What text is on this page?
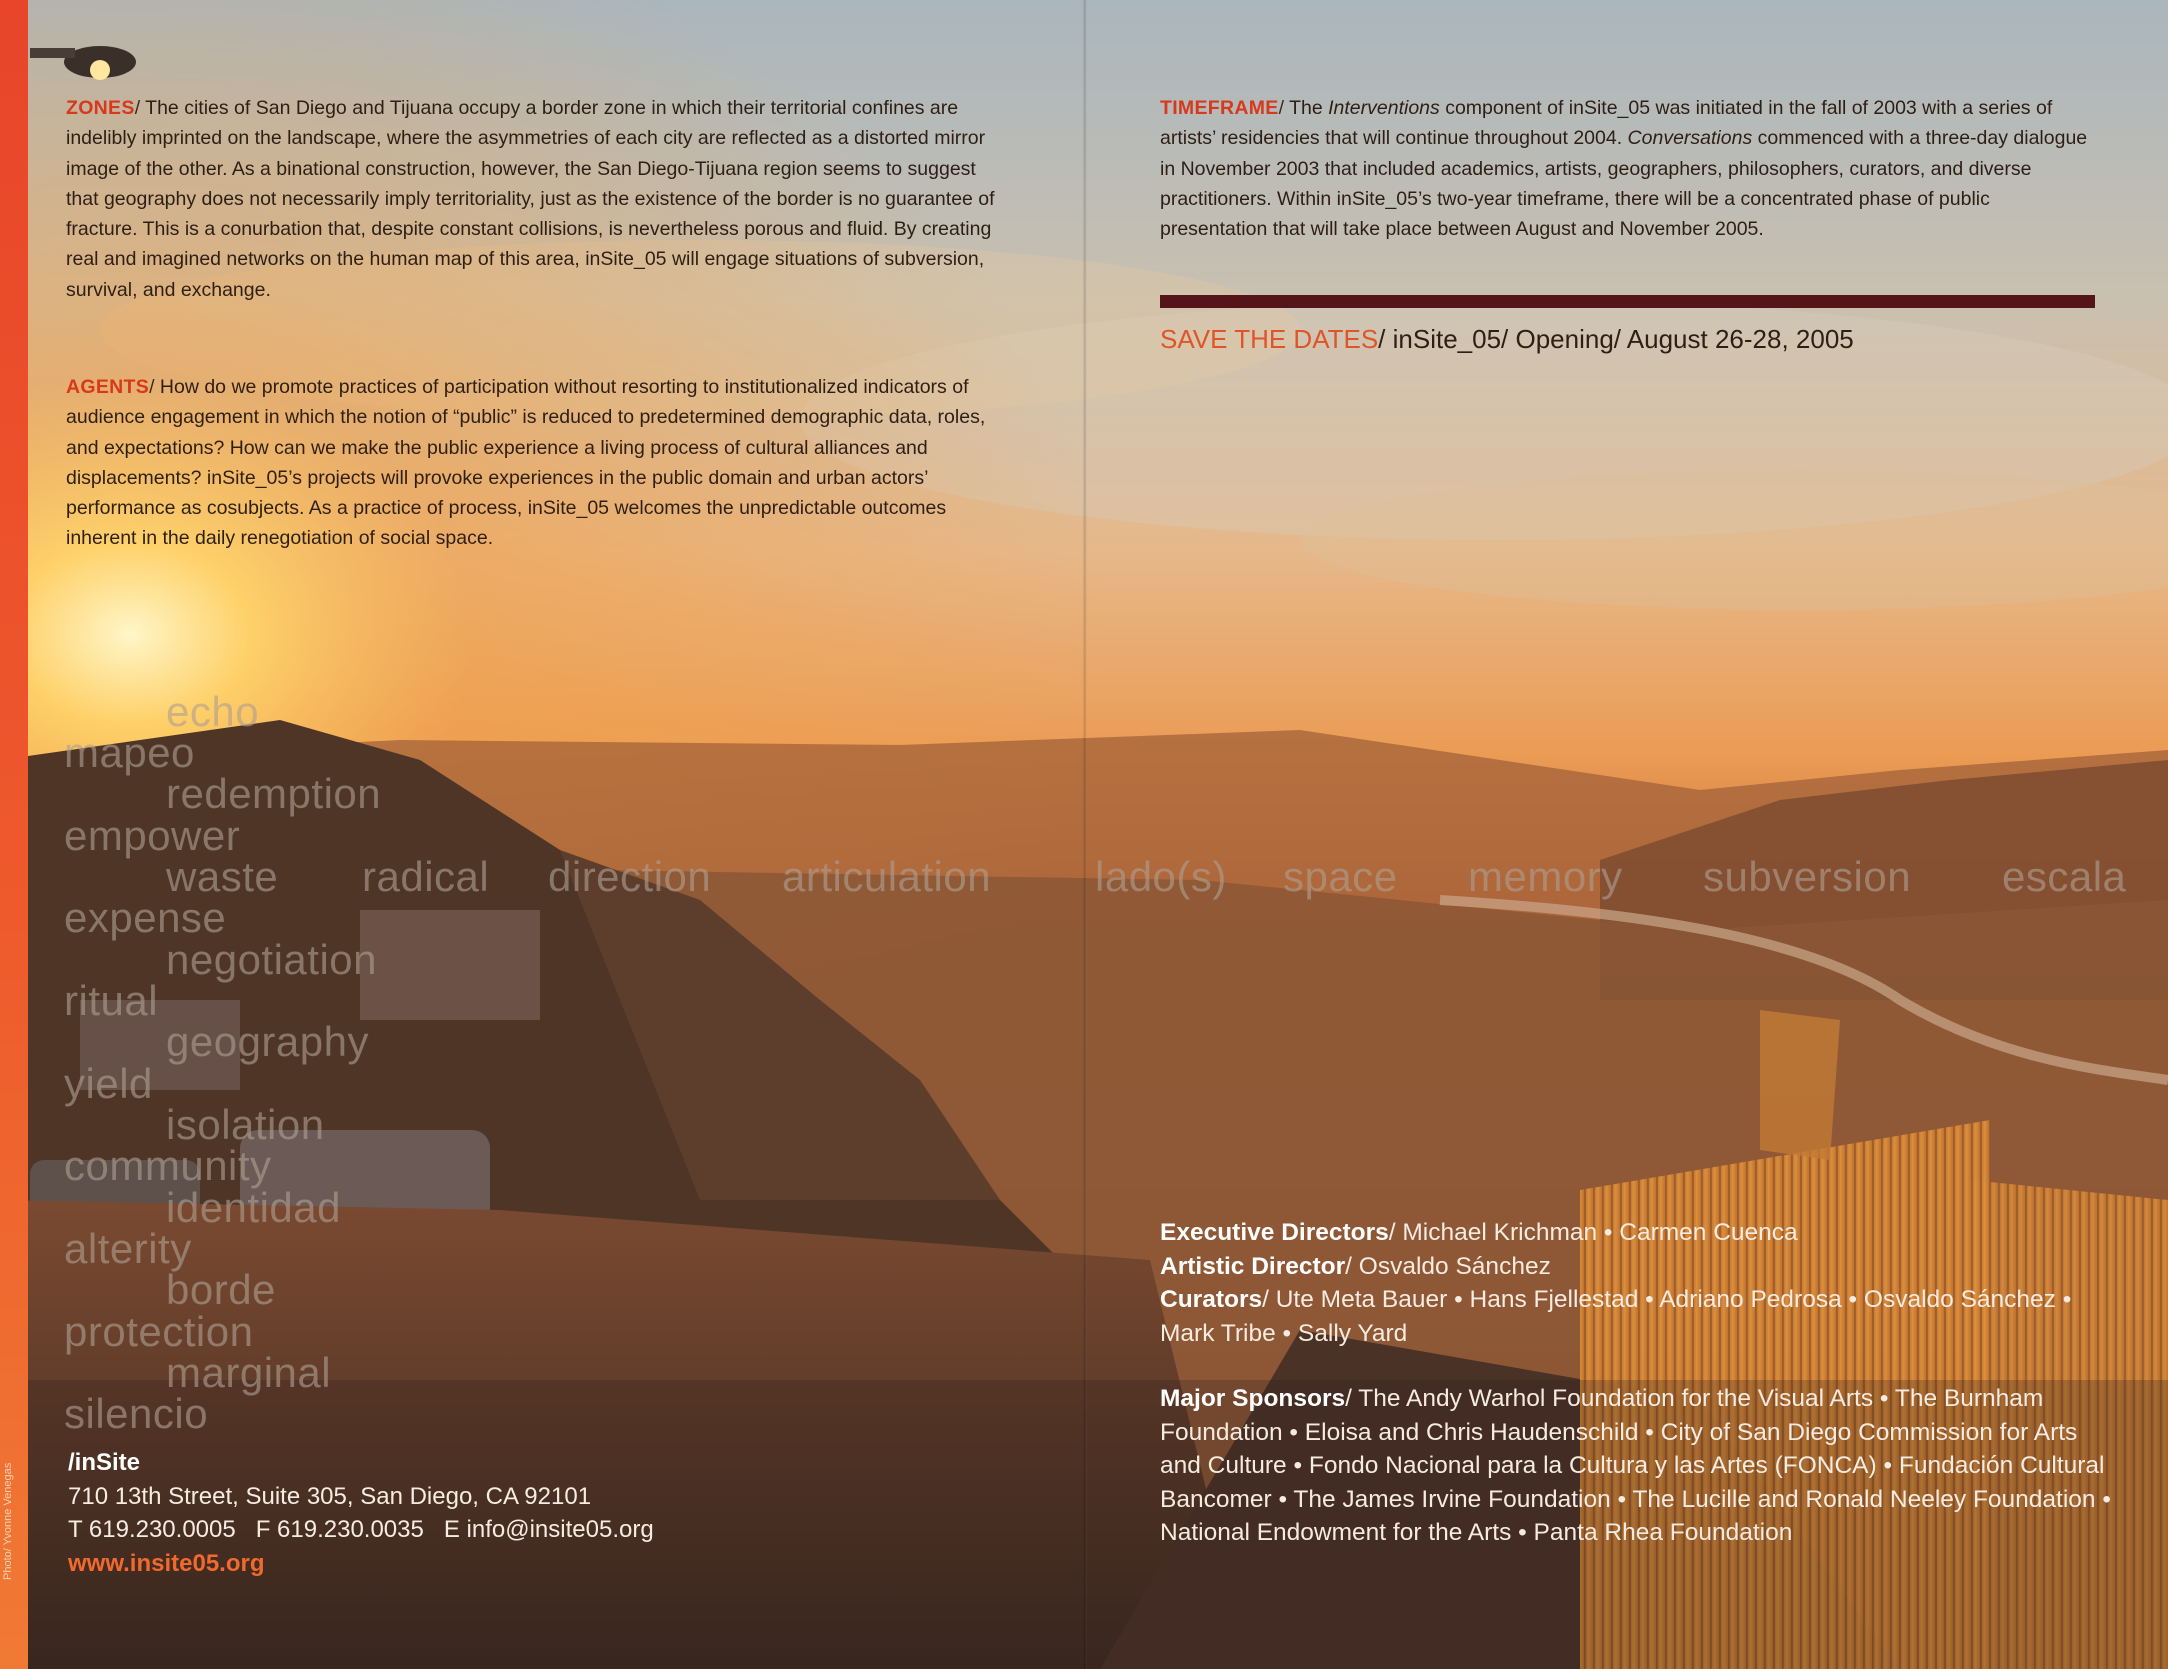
Photo/ Yvonne Venegas

ZONES/ The cities of San Diego and Tijuana occupy a border zone in which their territorial confines are indelibly imprinted on the landscape, where the asymmetries of each city are reflected as a distorted mirror image of the other. As a binational construction, however, the San Diego-Tijuana region seems to suggest that geography does not necessarily imply territoriality, just as the existence of the border is no guarantee of fracture. This is a conurbation that, despite constant collisions, is nevertheless porous and fluid. By creating real and imagined networks on the human map of this area, inSite_05 will engage situations of subversion, survival, and exchange.

AGENTS/ How do we promote practices of participation without resorting to institutionalized indicators of audience engagement in which the notion of “public” is reduced to predetermined demographic data, roles, and expectations? How can we make the public experience a living process of cultural alliances and displacements? inSite_05’s projects will provoke experiences in the public domain and urban actors’ performance as cosubjects. As a practice of process, inSite_05 welcomes the unpredictable outcomes inherent in the daily renegotiation of social space.

echo
mapeo
redemption
empower
waste radical direction articulation lado(s) space memory subversion escala
expense
negotiation
ritual
geography
yield
isolation
community
identidad
alterity
borde
protection
marginal
silencio
/inSite
710 13th Street, Suite 305, San Diego, CA 92101
T 619.230.0005   F 619.230.0035   E info@insite05.org
www.insite05.org

TIMEFRAME/ The Interventions component of inSite_05 was initiated in the fall of 2003 with a series of artists’ residencies that will continue throughout 2004. Conversations commenced with a three-day dialogue in November 2003 that included academics, artists, geographers, philosophers, curators, and diverse practitioners. Within inSite_05’s two-year timeframe, there will be a concentrated phase of public presentation that will take place between August and November 2005.

SAVE THE DATES/ inSite_05/ Opening/ August 26-28, 2005
Executive Directors/ Michael Krichman • Carmen Cuenca
Artistic Director/ Osvaldo Sánchez
Curators/ Ute Meta Bauer • Hans Fjellestad • Adriano Pedrosa • Osvaldo Sánchez • Mark Tribe • Sally Yard
Major Sponsors/ The Andy Warhol Foundation for the Visual Arts • The Burnham Foundation • Eloisa and Chris Haudenschild • City of San Diego Commission for Arts and Culture • Fondo Nacional para la Cultura y las Artes (FONCA) • Fundación Cultural Bancomer • The James Irvine Foundation • The Lucille and Ronald Neeley Foundation • National Endowment for the Arts • Panta Rhea Foundation
